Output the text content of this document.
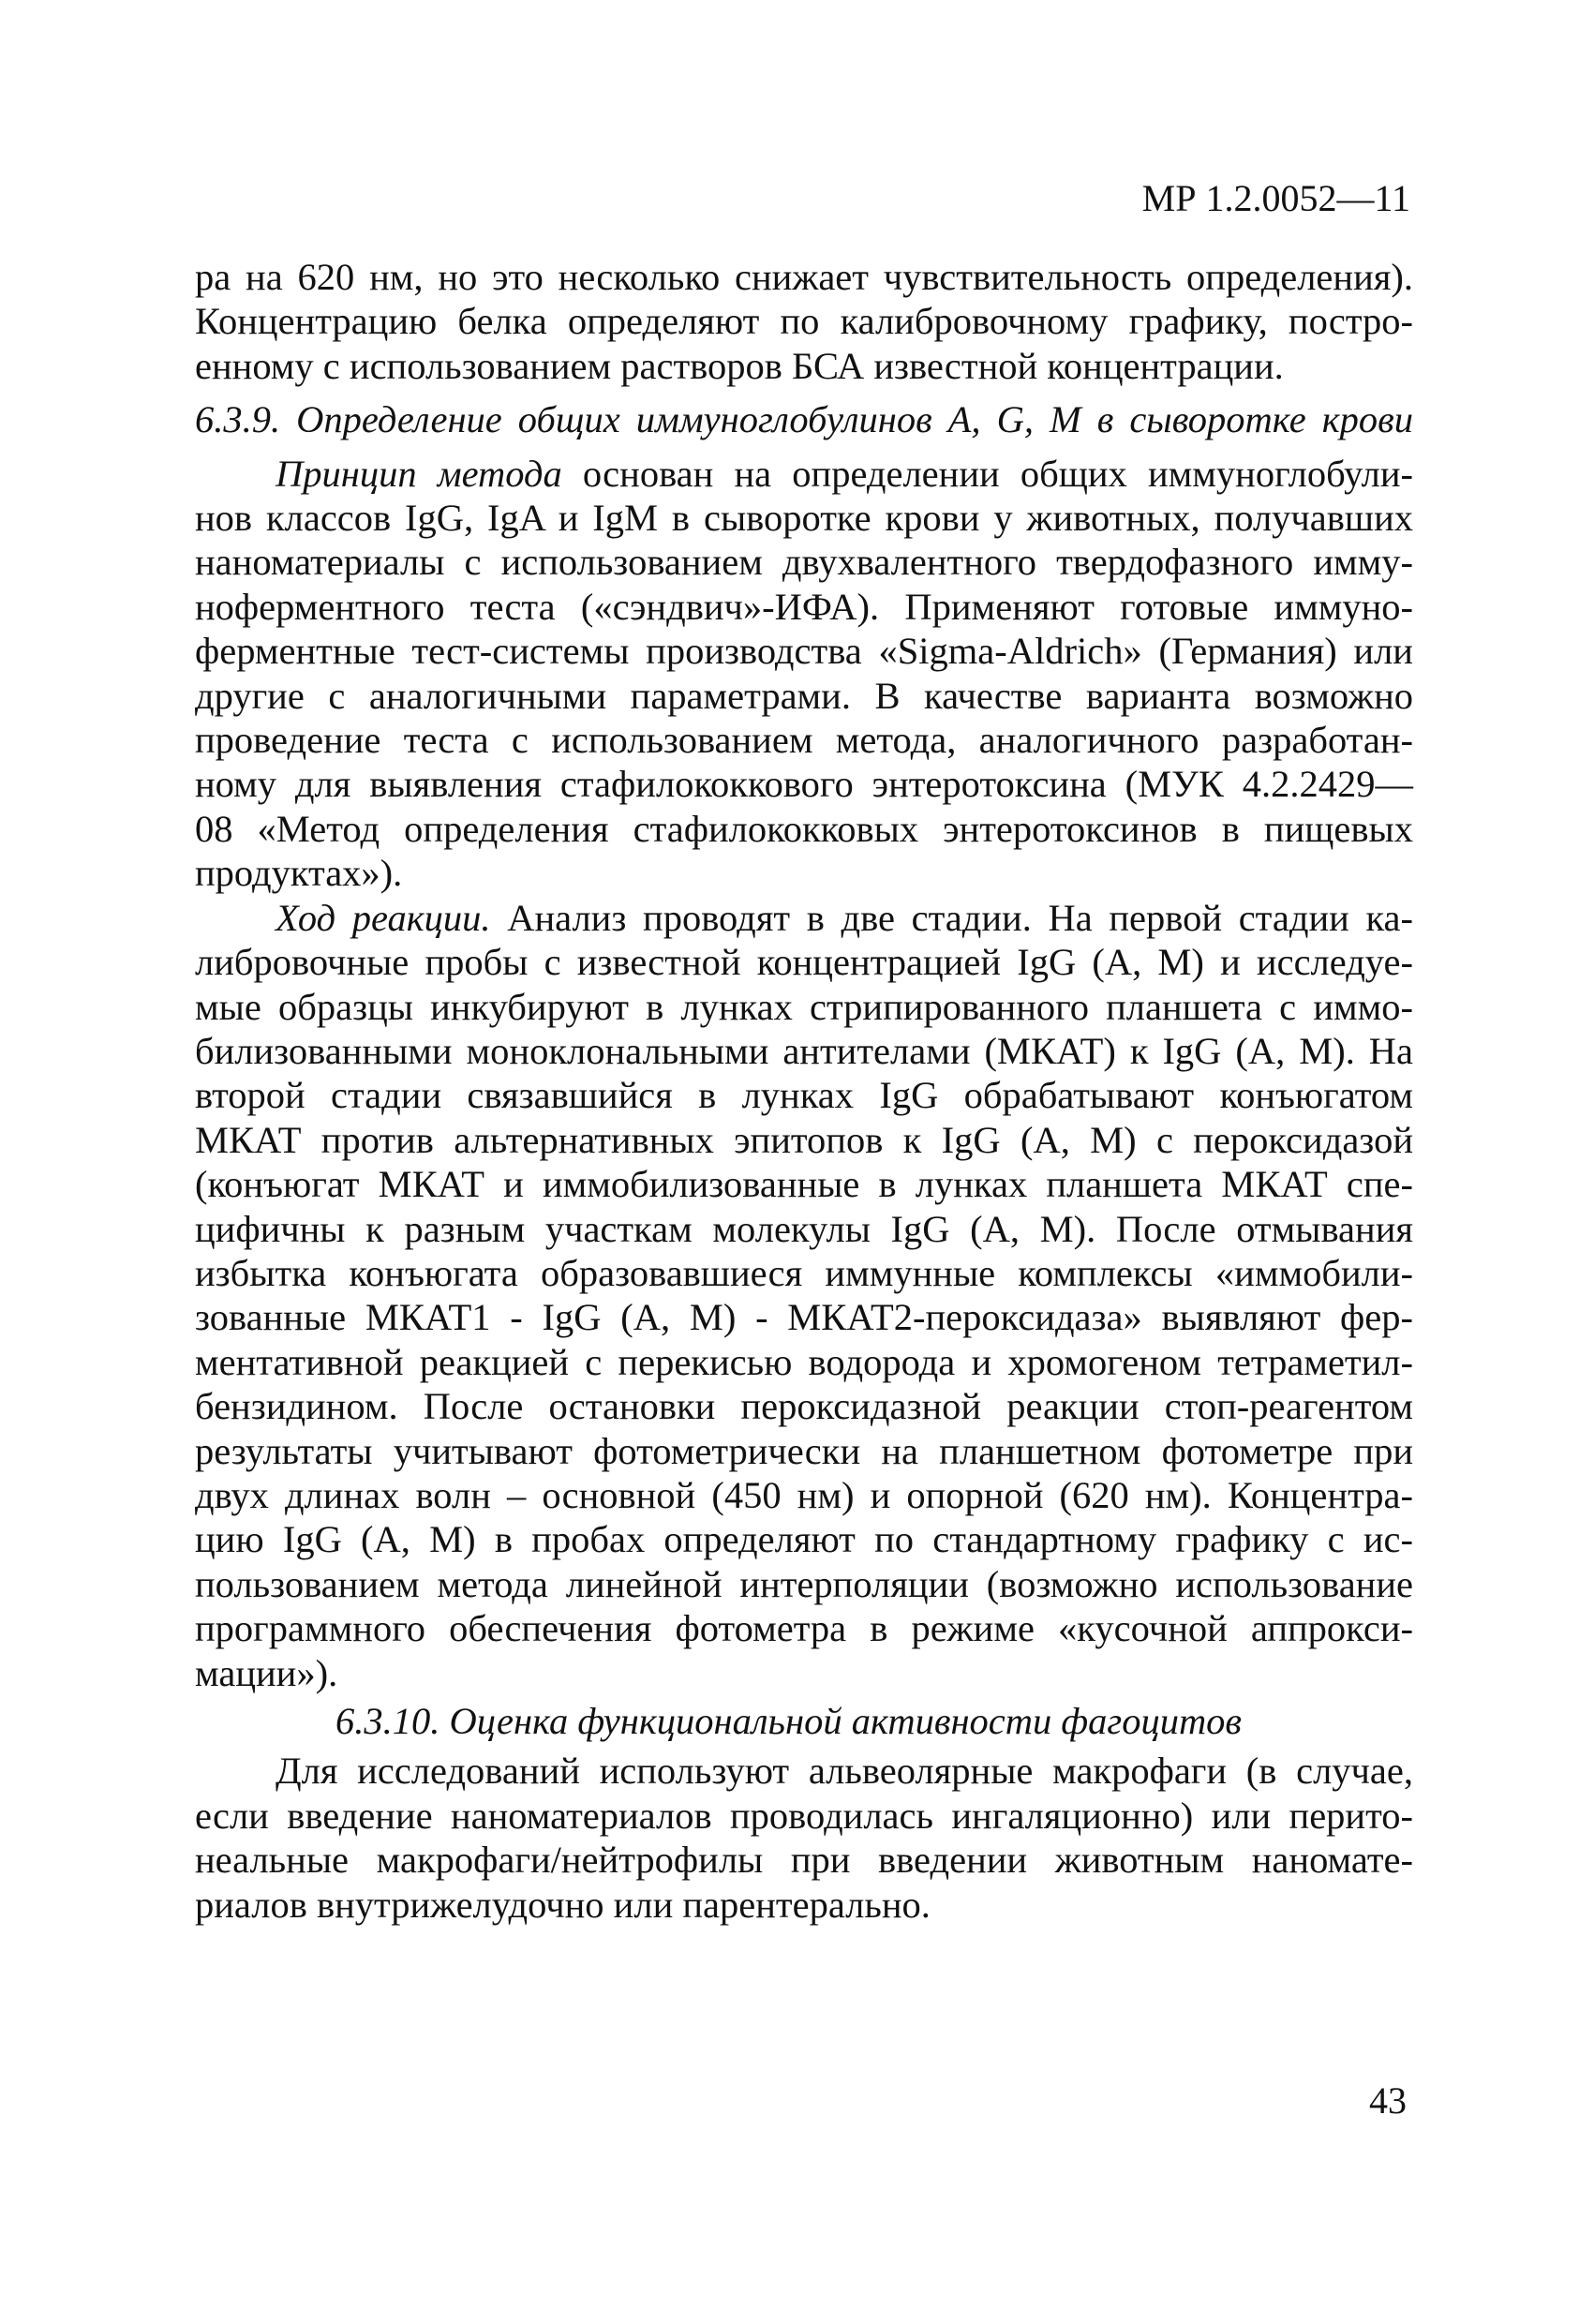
МР 1.2.0052—11
ра на 620 нм, но это несколько снижает чувствительность определения).
Концентрацию белка определяют по калибровочному графику, постро-
енному с использованием растворов БСА известной концентрации.
6.3.9. Определение общих иммуноглобулинов A, G, M в сыворотке крови
Принцип метода основан на определении общих иммуноглобули-
нов классов IgG, IgA и IgM в сыворотке крови у животных, получавших
наноматериалы с использованием двухвалентного твердофазного имму-
ноферментного теста («сэндвич»-ИФА). Применяют готовые иммуно-
ферментные тест-системы производства «Sigma-Aldrich» (Германия) или
другие с аналогичными параметрами. В качестве варианта возможно
проведение теста с использованием метода, аналогичного разработан-
ному для выявления стафилококкового энтеротоксина (МУК 4.2.2429—
08 «Метод определения стафилококковых энтеротоксинов в пищевых
продуктах»).
Ход реакции. Анализ проводят в две стадии. На первой стадии ка-
либровочные пробы с известной концентрацией IgG (A, M) и исследуе-
мые образцы инкубируют в лунках стрипированного планшета с иммо-
билизованными моноклональными антителами (МКАТ) к IgG (A, M). На
второй стадии связавшийся в лунках IgG обрабатывают конъюгатом
МКАТ против альтернативных эпитопов к IgG (A, M) с пероксидазой
(конъюгат МКАТ и иммобилизованные в лунках планшета МКАТ спе-
цифичны к разным участкам молекулы IgG (A, M). После отмывания
избытка конъюгата образовавшиеся иммунные комплексы «иммобили-
зованные МКАТ1 - IgG (A, M) - МКАТ2-пероксидаза» выявляют фер-
ментативной реакцией с перекисью водорода и хромогеном тетраметил-
бензидином. После остановки пероксидазной реакции стоп-реагентом
результаты учитывают фотометрически на планшетном фотометре при
двух длинах волн – основной (450 нм) и опорной (620 нм). Концентра-
цию IgG (A, M) в пробах определяют по стандартному графику с ис-
пользованием метода линейной интерполяции (возможно использование
программного обеспечения фотометра в режиме «кусочной аппрокси-
мации»).
6.3.10. Оценка функциональной активности фагоцитов
Для исследований используют альвеолярные макрофаги (в случае,
если введение наноматериалов проводилась ингаляционно) или перито-
неальные макрофаги/нейтрофилы при введении животным наномате-
риалов внутрижелудочно или парентерально.
43
